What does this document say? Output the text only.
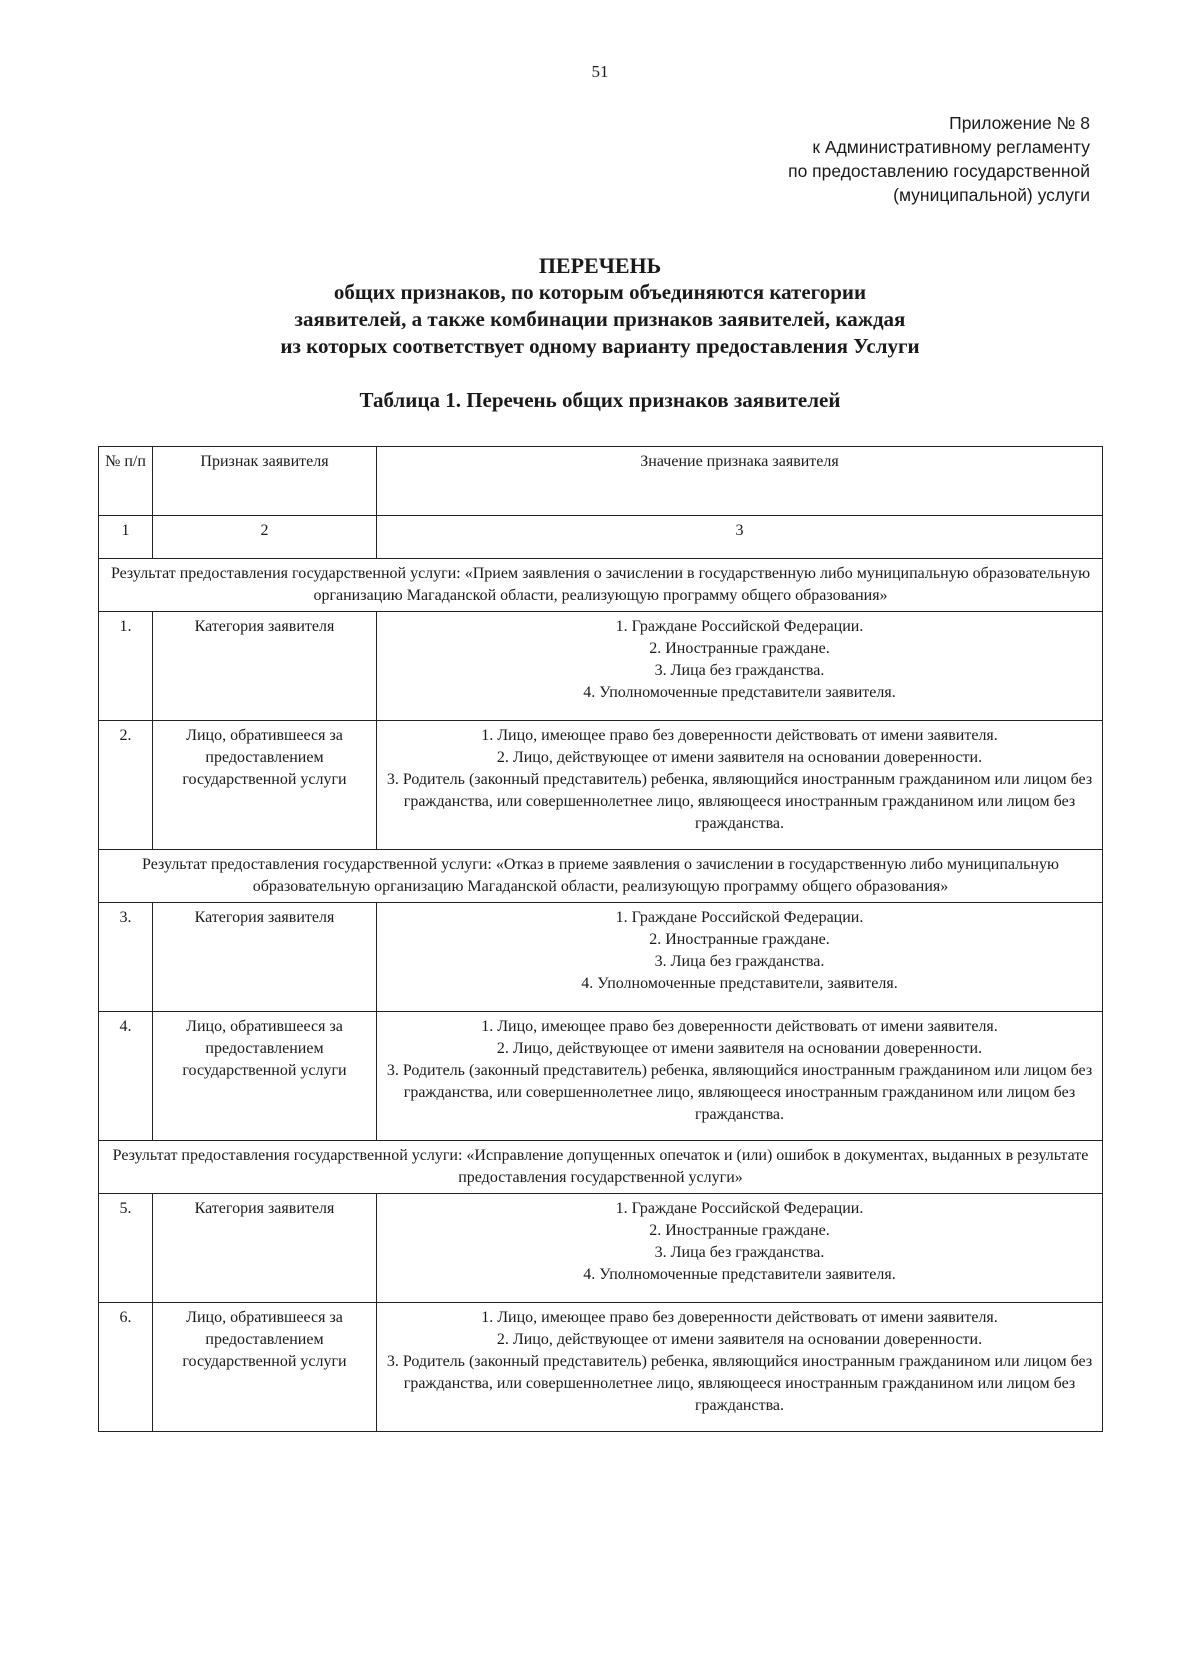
51
Приложение № 8
к Административному регламенту
по предоставлению государственной
(муниципальной) услуги
ПЕРЕЧЕНЬ
общих признаков, по которым объединяются категории
заявителей, а также комбинации признаков заявителей, каждая
из которых соответствует одному варианту предоставления Услуги
Таблица 1. Перечень общих признаков заявителей
№ п/п	Признак заявителя	Значение признака заявителя
1	2	3
Результат предоставления государственной услуги: «Прием заявления о зачислении в государственную либо муниципальную образовательную организацию Магаданской области, реализующую программу общего образования»		
1.	Категория заявителя	1. Граждане Российской Федерации.
2. Иностранные граждане.
3. Лица без гражданства.
4. Уполномоченные представители заявителя.

2.	Лицо, обратившееся за предоставлением государственной услуги	1. Лицо, имеющее право без доверенности действовать от имени заявителя.
2. Лицо, действующее от имени заявителя на основании доверенности.
3. Родитель (законный представитель) ребенка, являющийся иностранным гражданином или лицом без гражданства, или совершеннолетнее лицо, являющееся иностранным гражданином или лицом без гражданства.

Результат предоставления государственной услуги: «Отказ в приеме заявления о зачислении в государственную либо муниципальную образовательную организацию Магаданской области, реализующую программу общего образования»		
3.	Категория заявителя	1. Граждане Российской Федерации.
2. Иностранные граждане.
3. Лица без гражданства.
4. Уполномоченные представители, заявителя.

4.	Лицо, обратившееся за предоставлением государственной услуги	1. Лицо, имеющее право без доверенности действовать от имени заявителя.
2. Лицо, действующее от имени заявителя на основании доверенности.
3. Родитель (законный представитель) ребенка, являющийся иностранным гражданином или лицом без гражданства, или совершеннолетнее лицо, являющееся иностранным гражданином или лицом без гражданства.

Результат предоставления государственной услуги: «Исправление допущенных опечаток и (или) ошибок в документах, выданных в результате предоставления государственной услуги»		
5.	Категория заявителя	1. Граждане Российской Федерации.
2. Иностранные граждане.
3. Лица без гражданства.
4. Уполномоченные представители заявителя.

6.	Лицо, обратившееся за предоставлением государственной услуги	1. Лицо, имеющее право без доверенности действовать от имени заявителя.
2. Лицо, действующее от имени заявителя на основании доверенности.
3. Родитель (законный представитель) ребенка, являющийся иностранным гражданином или лицом без гражданства, или совершеннолетнее лицо, являющееся иностранным гражданином или лицом без гражданства.
